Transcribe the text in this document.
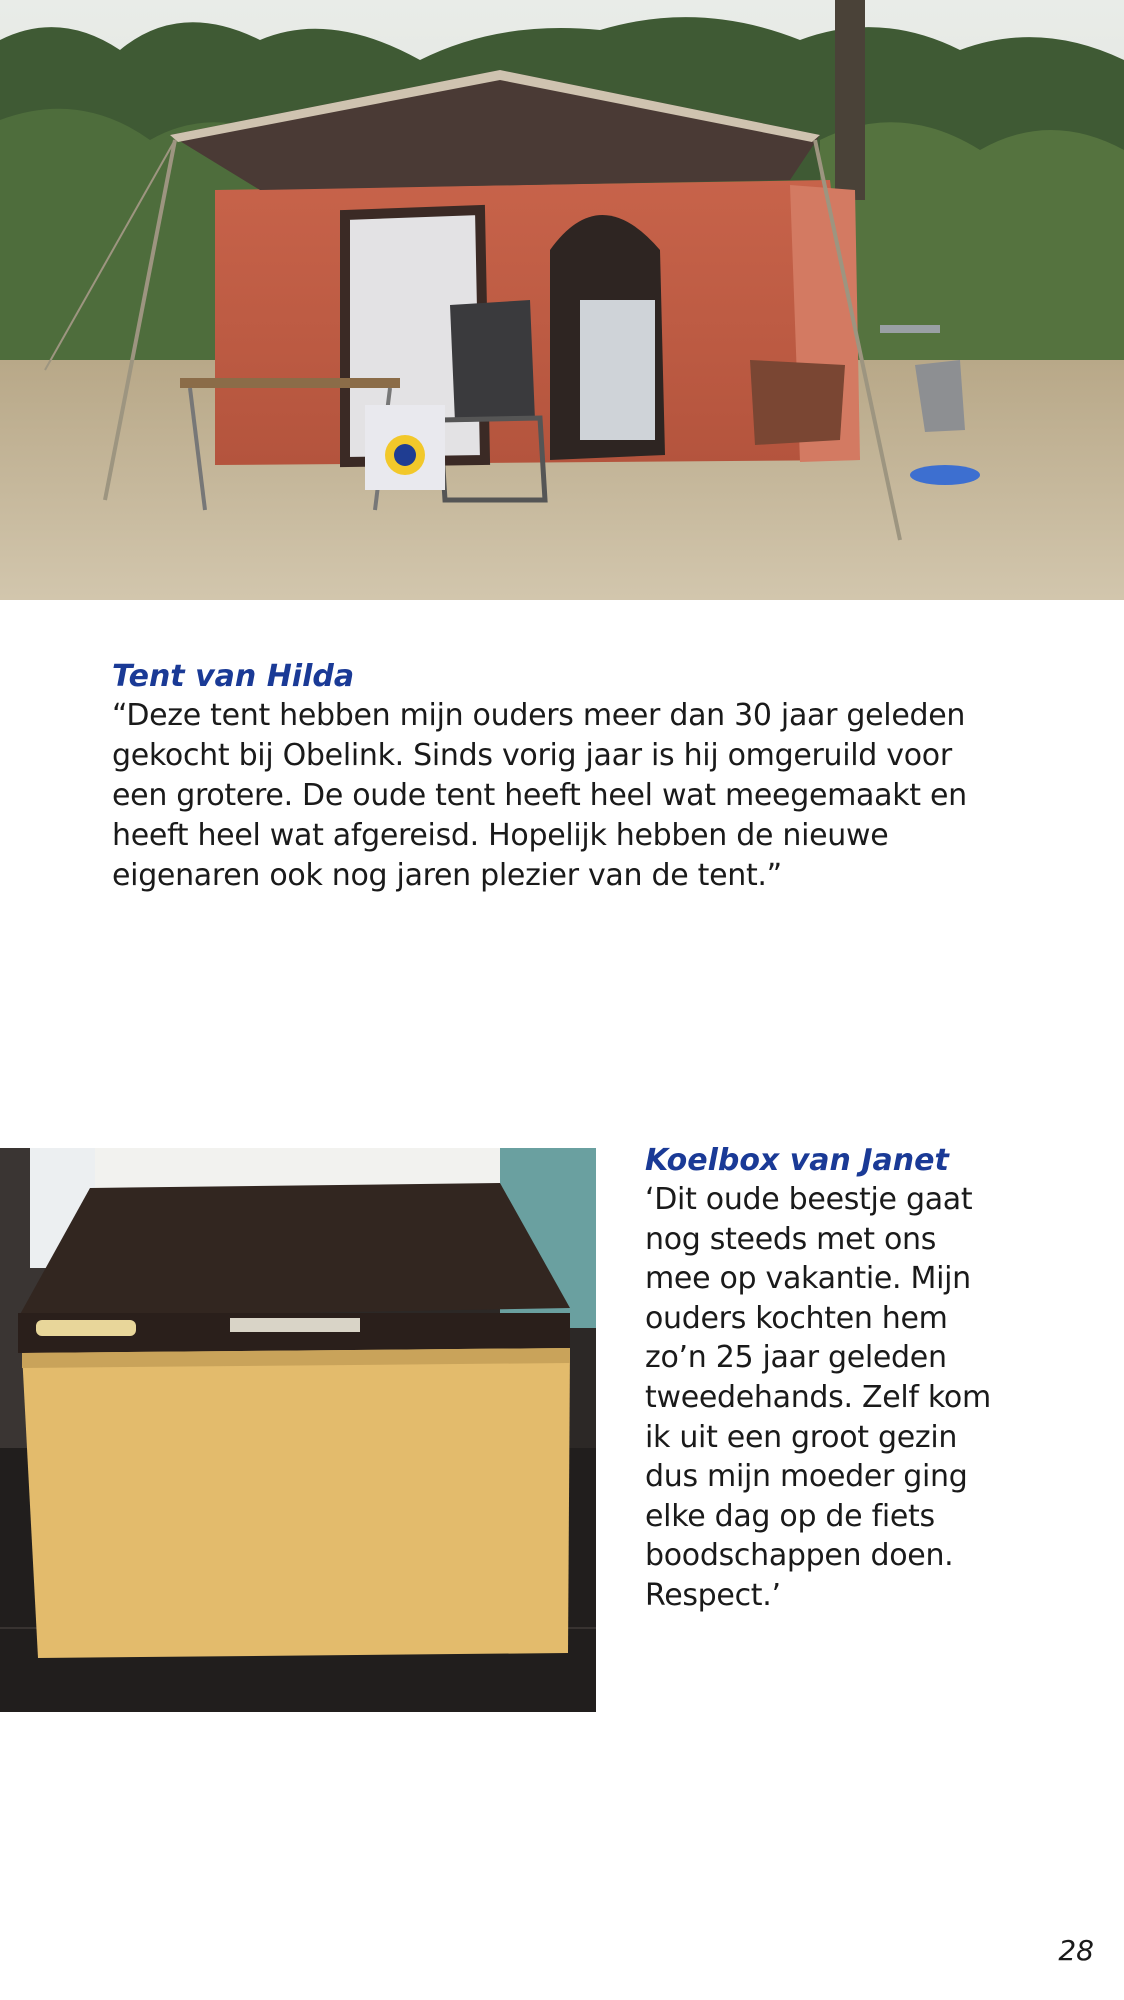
Tent van Hilda

“Deze tent hebben mijn ouders meer dan 30 jaar geleden

gekocht bij Obelink. Sinds vorig jaar is hij omgeruild voor

een grotere. De oude tent heeft heel wat meegemaakt en

heeft heel wat afgereisd. Hopelijk hebben de nieuwe

eigenaren ook nog jaren plezier van de tent.”

Koelbox van Janet

‘Dit oude beestje gaat

nog steeds met ons

mee op vakantie. Mijn

ouders kochten hem

zo’n 25 jaar geleden

tweedehands. Zelf kom

ik uit een groot gezin

dus mijn moeder ging

elke dag op de fiets

boodschappen doen.

Respect.’

28
